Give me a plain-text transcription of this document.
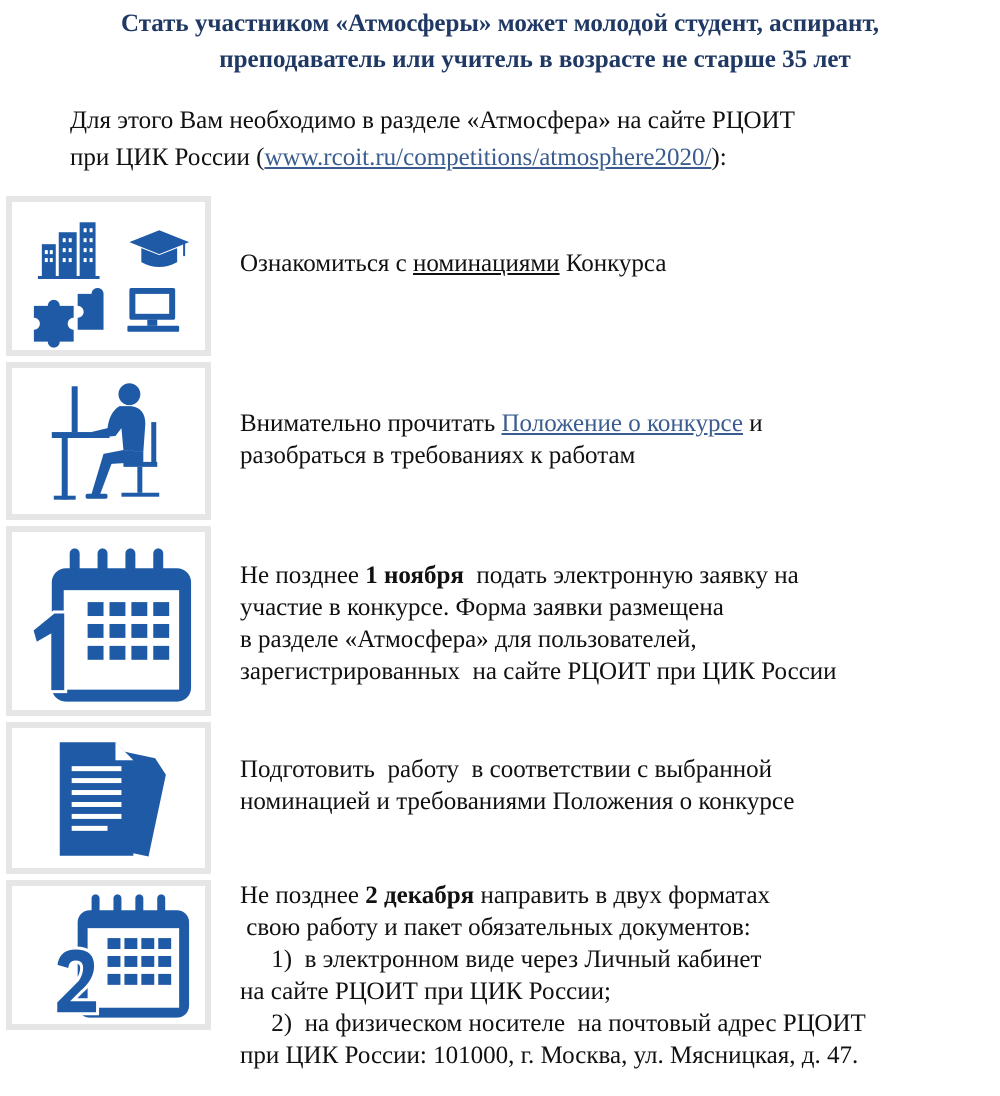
Стать участником «Атмосферы» может молодой студент, аспирант,
преподаватель или учитель в возрасте не старше 35 лет
Для этого Вам необходимо в разделе «Атмосфера» на сайте РЦОИТ
при ЦИК России (www.rcoit.ru/competitions/atmosphere2020/):
Ознакомиться с номинациями Конкурса
Внимательно прочитать Положение о конкурсе и
разобраться в требованиях к работам
Не позднее 1 ноября  подать электронную заявку на
участие в конкурсе. Форма заявки размещена
в разделе «Атмосфера» для пользователей,
зарегистрированных  на сайте РЦОИТ при ЦИК России
Подготовить  работу  в соответствии с выбранной
номинацией и требованиями Положения о конкурсе
Не позднее 2 декабря направить в двух форматах
свою работу и пакет обязательных документов:
1)  в электронном виде через Личный кабинет
на сайте РЦОИТ при ЦИК России;
2)  на физическом носителе  на почтовый адрес РЦОИТ
при ЦИК России: 101000, г. Москва, ул. Мясницкая, д. 47.
